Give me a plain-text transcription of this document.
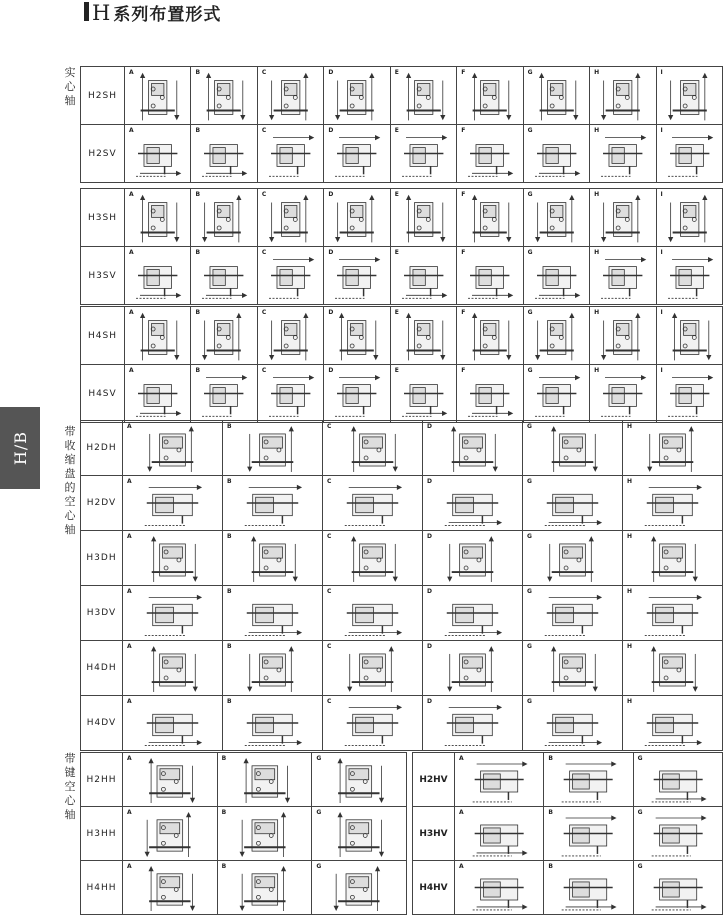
H 系列布置形式
H/B
实心轴
带收缩盘的空心轴
带键空心轴
H2SH	A	B	C	D	E	F	G	H	I

H2SV	A	B	C	D	E	F	G	H	I
H3SH	A	B	C	D	E	F	G	H	I

H3SV	A	B	C	D	E	F	G	H	I
H4SH	A	B	C	D	E	F	G	H	I

H4SV	A	B	C	D	E	F	G	H	I
H2DH	A	B	C	D	G	H

H2DV	A	B	C	D	G	H

H3DH	A	B	C	D	G	H

H3DV	A	B	C	D	G	H

H4DH	A	B	C	D	G	H

H4DV	A	B	C	D	G	H
H2HH	A	B	G

H3HH	A	B	G

H4HH	A	B	G
H2HV	A	B	G

H3HV	A	B	G

H4HV	A	B	G
